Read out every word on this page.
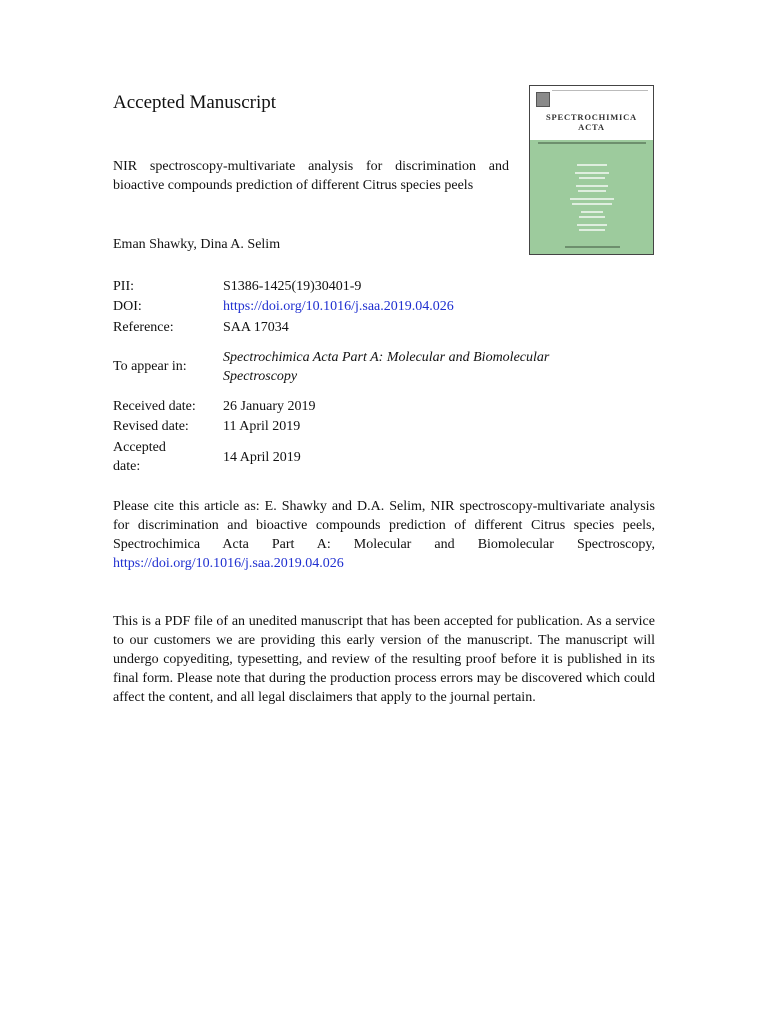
Accepted Manuscript
NIR spectroscopy-multivariate analysis for discrimination and bioactive compounds prediction of different Citrus species peels
Eman Shawky, Dina A. Selim
SPECTROCHIMICA
ACTA
PII:	S1386-1425(19)30401-9
DOI:	https://doi.org/10.1016/j.saa.2019.04.026
Reference:	SAA 17034
To appear in:
Spectrochimica Acta Part A: Molecular and Biomolecular Spectroscopy
Received date:	26 January 2019
Revised date:	11 April 2019
Accepted date:
14 April 2019
Please cite this article as: E. Shawky and D.A. Selim, NIR spectroscopy-multivariate analysis for discrimination and bioactive compounds prediction of different Citrus species peels, Spectrochimica Acta Part A: Molecular and Biomolecular Spectroscopy, https://doi.org/10.1016/j.saa.2019.04.026
This is a PDF file of an unedited manuscript that has been accepted for publication. As a service to our customers we are providing this early version of the manuscript. The manuscript will undergo copyediting, typesetting, and review of the resulting proof before it is published in its final form. Please note that during the production process errors may be discovered which could affect the content, and all legal disclaimers that apply to the journal pertain.
